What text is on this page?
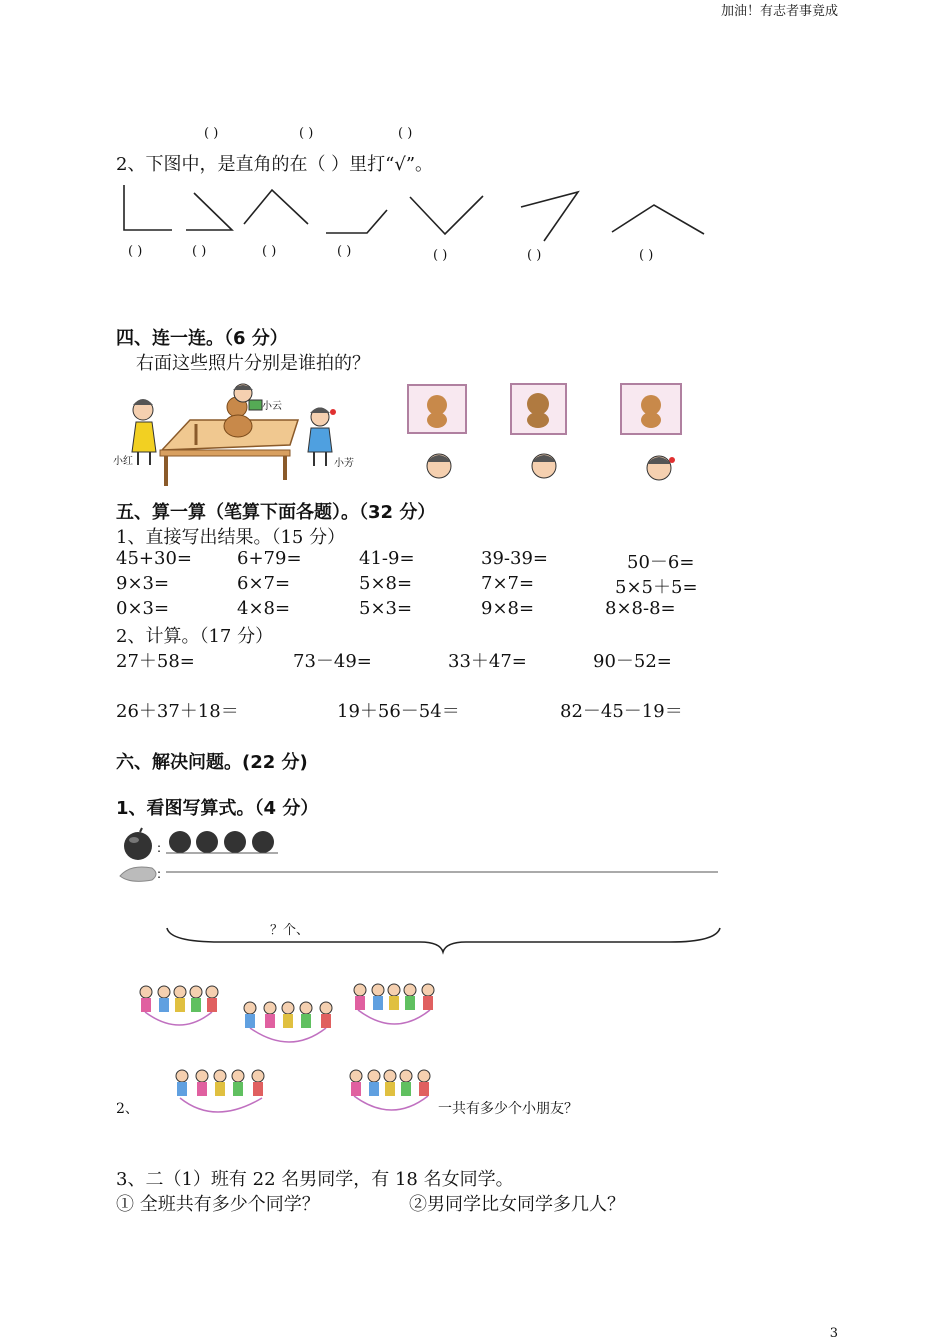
加油！有志者事竟成
3
( )	( )	( )
2、下图中，是直角的在（ ）里打“√”。
( )	( )	( )	( )	( )	( )	( )
四、连一连。（6 分）
右面这些照片分别是谁拍的？
小红
小云
小芳
五、算一算（笔算下面各题）。（32 分）
1、直接写出结果。（15 分）
45+30=	6+79=	41-9=	39-39=	50－6=
9×3=	6×7=	5×8=	7×7=	5×5＋5=
0×3=	4×8=	5×3=	9×8=	8×8-8=
2、计算。（17 分）
27＋58=	73－49=	33＋47=	90－52=
26＋37＋18＝	19＋56－54＝	82－45－19＝
六、解决问题。(22 分)
1、看图写算式。（4 分）
:
:
？个、
2、	一共有多少个小朋友？
3、二（1）班有 22 名男同学，有 18 名女同学。
① 全班共有多少个同学？	②男同学比女同学多几人？
